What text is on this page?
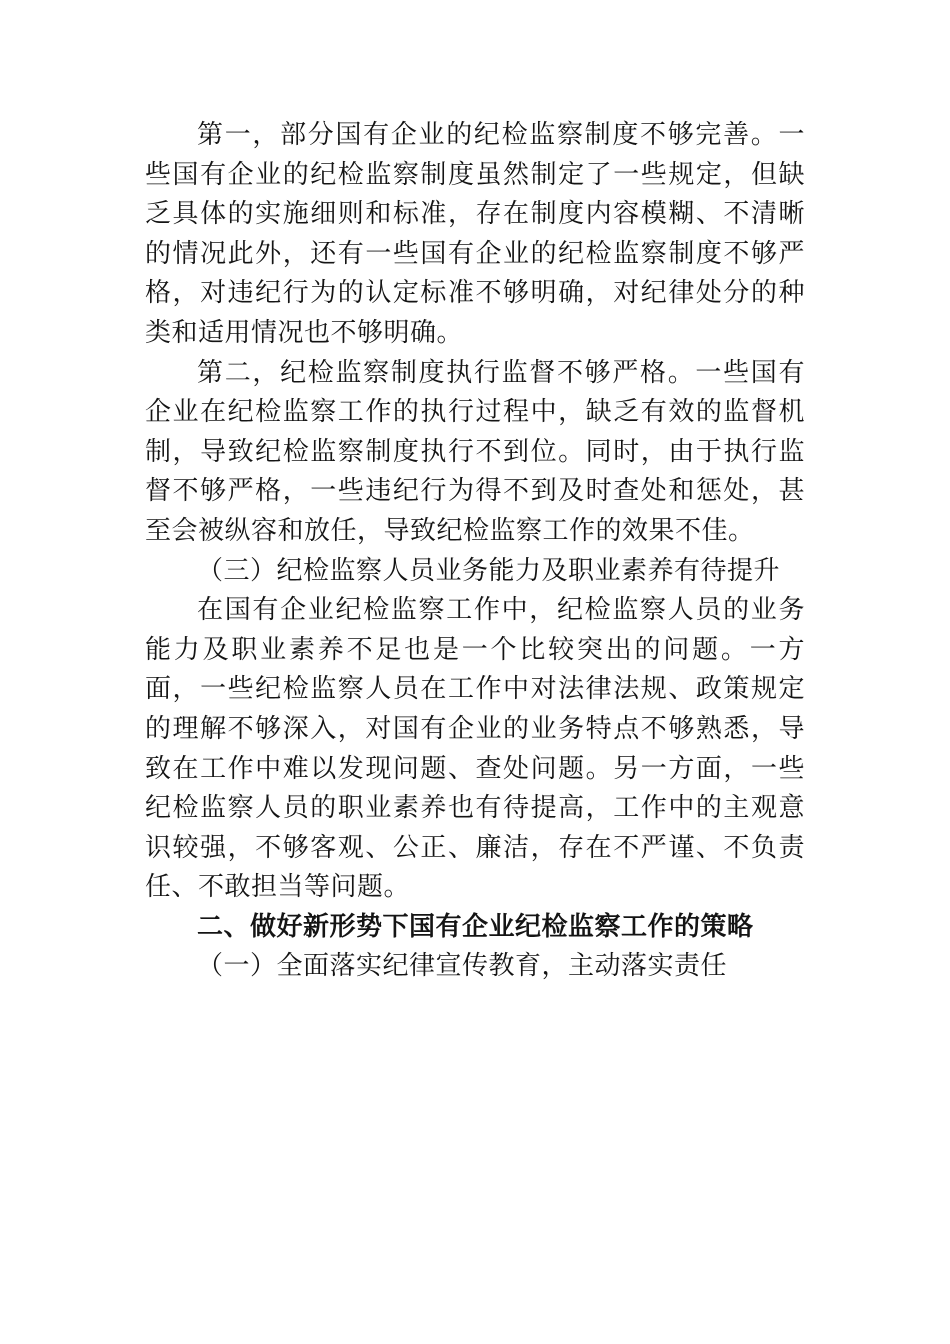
第一，部分国有企业的纪检监察制度不够完善。一些国有企业的纪检监察制度虽然制定了一些规定，但缺乏具体的实施细则和标准，存在制度内容模糊、不清晰的情况此外，还有一些国有企业的纪检监察制度不够严格，对违纪行为的认定标准不够明确，对纪律处分的种类和适用情况也不够明确。

第二，纪检监察制度执行监督不够严格。一些国有企业在纪检监察工作的执行过程中，缺乏有效的监督机制，导致纪检监察制度执行不到位。同时，由于执行监督不够严格，一些违纪行为得不到及时查处和惩处，甚至会被纵容和放任，导致纪检监察工作的效果不佳。

（三）纪检监察人员业务能力及职业素养有待提升

在国有企业纪检监察工作中，纪检监察人员的业务能力及职业素养不足也是一个比较突出的问题。一方面，一些纪检监察人员在工作中对法律法规、政策规定的理解不够深入，对国有企业的业务特点不够熟悉，导致在工作中难以发现问题、查处问题。另一方面，一些纪检监察人员的职业素养也有待提高，工作中的主观意识较强，不够客观、公正、廉洁，存在不严谨、不负责任、不敢担当等问题。

二、做好新形势下国有企业纪检监察工作的策略

（一）全面落实纪律宣传教育，主动落实责任
